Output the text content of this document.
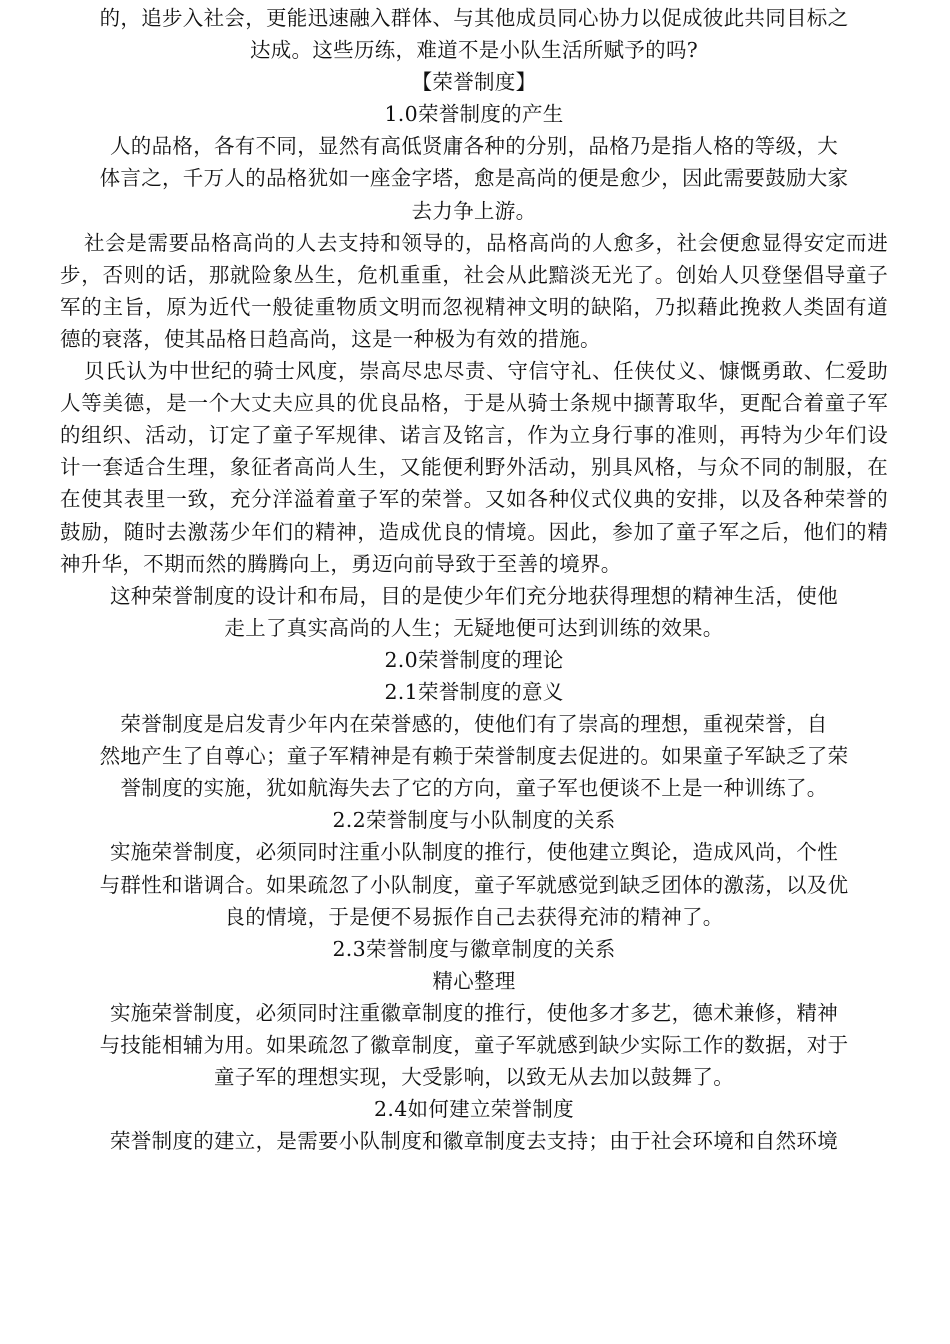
的，追步入社会，更能迅速融入群体、与其他成员同心协力以促成彼此共同目标之
达成。这些历练，难道不是小队生活所赋予的吗?
【荣誉制度】
1.0荣誉制度的产生
人的品格，各有不同，显然有高低贤庸各种的分别，品格乃是指人格的等级，大
体言之，千万人的品格犹如一座金字塔，愈是高尚的便是愈少，因此需要鼓励大家
去力争上游。

社会是需要品格高尚的人去支持和领导的，品格高尚的人愈多，社会便愈显得安定而进步，否则的话，那就险象丛生，危机重重，社会从此黯淡无光了。创始人贝登堡倡导童子军的主旨，原为近代一般徒重物质文明而忽视精神文明的缺陷，乃拟藉此挽救人类固有道德的衰落，使其品格日趋高尚，这是一种极为有效的措施。

贝氏认为中世纪的骑士风度，崇高尽忠尽责、守信守礼、任侠仗义、慷慨勇敢、仁爱助人等美德，是一个大丈夫应具的优良品格，于是从骑士条规中撷菁取华，更配合着童子军的组织、活动，订定了童子军规律、诺言及铭言，作为立身行事的准则，再特为少年们设计一套适合生理，象征者高尚人生，又能便利野外活动，别具风格，与众不同的制服，在在使其表里一致，充分洋溢着童子军的荣誉。又如各种仪式仪典的安排，以及各种荣誉的鼓励，随时去激荡少年们的精神，造成优良的情境。因此，参加了童子军之后，他们的精神升华，不期而然的腾腾向上，勇迈向前导致于至善的境界。

这种荣誉制度的设计和布局，目的是使少年们充分地获得理想的精神生活，使他
走上了真实高尚的人生；无疑地便可达到训练的效果。
2.0荣誉制度的理论
2.1荣誉制度的意义
荣誉制度是启发青少年内在荣誉感的，使他们有了崇高的理想，重视荣誉，自
然地产生了自尊心；童子军精神是有赖于荣誉制度去促进的。如果童子军缺乏了荣
誉制度的实施，犹如航海失去了它的方向，童子军也便谈不上是一种训练了。
2.2荣誉制度与小队制度的关系
实施荣誉制度，必须同时注重小队制度的推行，使他建立舆论，造成风尚，个性
与群性和谐调合。如果疏忽了小队制度，童子军就感觉到缺乏团体的激荡，以及优
良的情境，于是便不易振作自己去获得充沛的精神了。
2.3荣誉制度与徽章制度的关系
精心整理
实施荣誉制度，必须同时注重徽章制度的推行，使他多才多艺，德术兼修，精神
与技能相辅为用。如果疏忽了徽章制度，童子军就感到缺少实际工作的数据，对于
童子军的理想实现，大受影响，以致无从去加以鼓舞了。
2.4如何建立荣誉制度
荣誉制度的建立，是需要小队制度和徽章制度去支持；由于社会环境和自然环境
